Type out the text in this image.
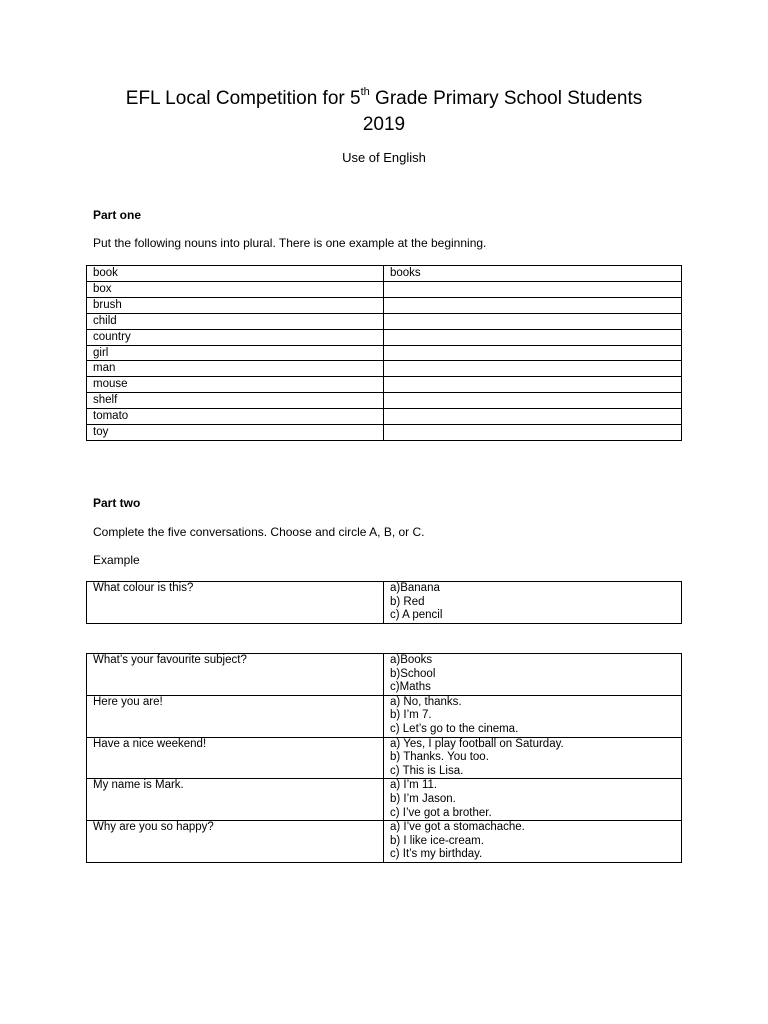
EFL Local Competition for 5th Grade Primary School Students
2019
Use of English
Part one
Put the following nouns into plural. There is one example at the beginning.
book	books
box	
brush	
child	
country	
girl	
man	
mouse	
shelf	
tomato	
toy	
Part two
Complete the five conversations. Choose and circle A, B, or C.
Example
What colour is this?	a)Banana
b) Red
c) A pencil
What’s your favourite subject?	a)Books
b)School
c)Maths

Here you are!	a) No, thanks.
b) I’m 7.
c) Let’s go to the cinema.

Have a nice weekend!	a) Yes, I play football on Saturday.
b) Thanks. You too.
c) This is Lisa.

My name is Mark.	a) I’m 11.
b) I’m Jason.
c) I’ve got a brother.

Why are you so happy?	a) I’ve got a stomachache.
b) I like ice-cream.
c) It’s my birthday.
